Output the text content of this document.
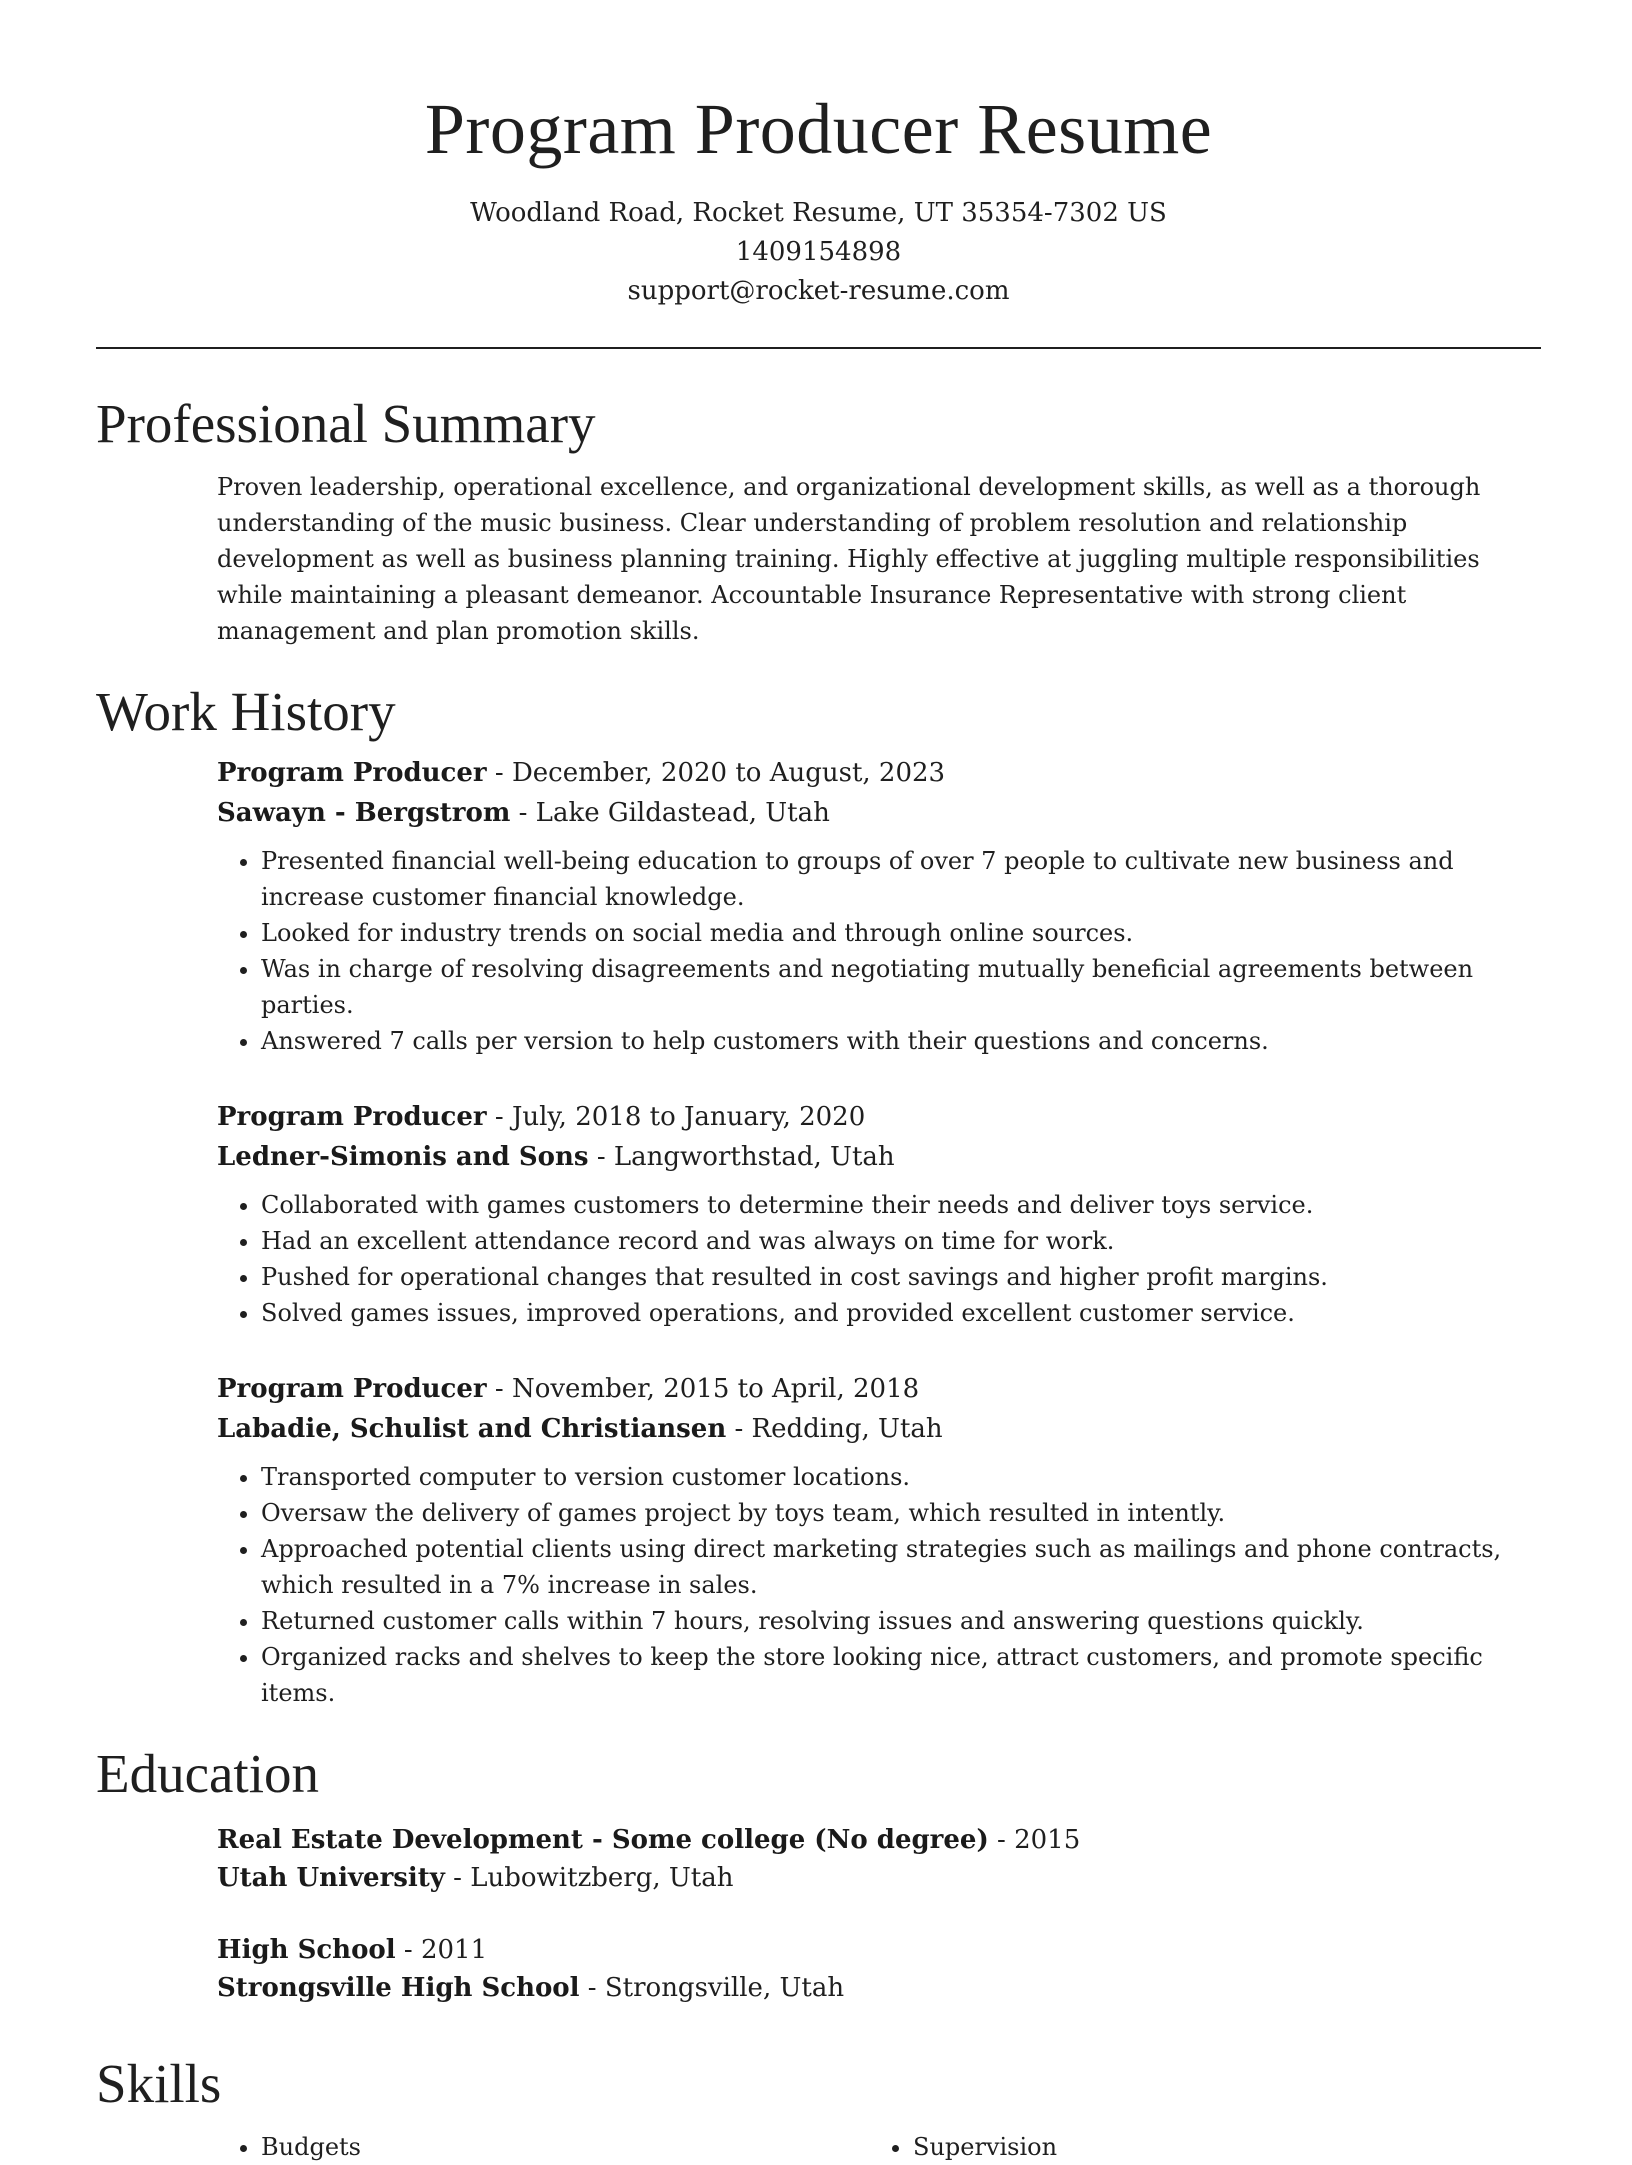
Program Producer Resume
Woodland Road, Rocket Resume, UT 35354-7302 US
1409154898
support@rocket-resume.com
Professional Summary

Proven leadership, operational excellence, and organizational development skills, as well as a thorough understanding of the music business. Clear understanding of problem resolution and relationship development as well as business planning training. Highly effective at juggling multiple responsibilities while maintaining a pleasant demeanor. Accountable Insurance Representative with strong client management and plan promotion skills.

Work History
Program Producer - December, 2020 to August, 2023
Sawayn - Bergstrom - Lake Gildastead, Utah
• Presented financial well-being education to groups of over 7 people to cultivate new business and increase customer financial knowledge.
• Looked for industry trends on social media and through online sources.
• Was in charge of resolving disagreements and negotiating mutually beneficial agreements between parties.
• Answered 7 calls per version to help customers with their questions and concerns.
Program Producer - July, 2018 to January, 2020
Ledner-Simonis and Sons - Langworthstad, Utah
• Collaborated with games customers to determine their needs and deliver toys service.
• Had an excellent attendance record and was always on time for work.
• Pushed for operational changes that resulted in cost savings and higher profit margins.
• Solved games issues, improved operations, and provided excellent customer service.
Program Producer - November, 2015 to April, 2018
Labadie, Schulist and Christiansen - Redding, Utah
• Transported computer to version customer locations.
• Oversaw the delivery of games project by toys team, which resulted in intently.
• Approached potential clients using direct marketing strategies such as mailings and phone contracts, which resulted in a 7% increase in sales.
• Returned customer calls within 7 hours, resolving issues and answering questions quickly.
• Organized racks and shelves to keep the store looking nice, attract customers, and promote specific items.
Education
Real Estate Development - Some college (No degree) - 2015
Utah University - Lubowitzberg, Utah
High School - 2011
Strongsville High School - Strongsville, Utah
Skills
• Budgets
•	Supervision
